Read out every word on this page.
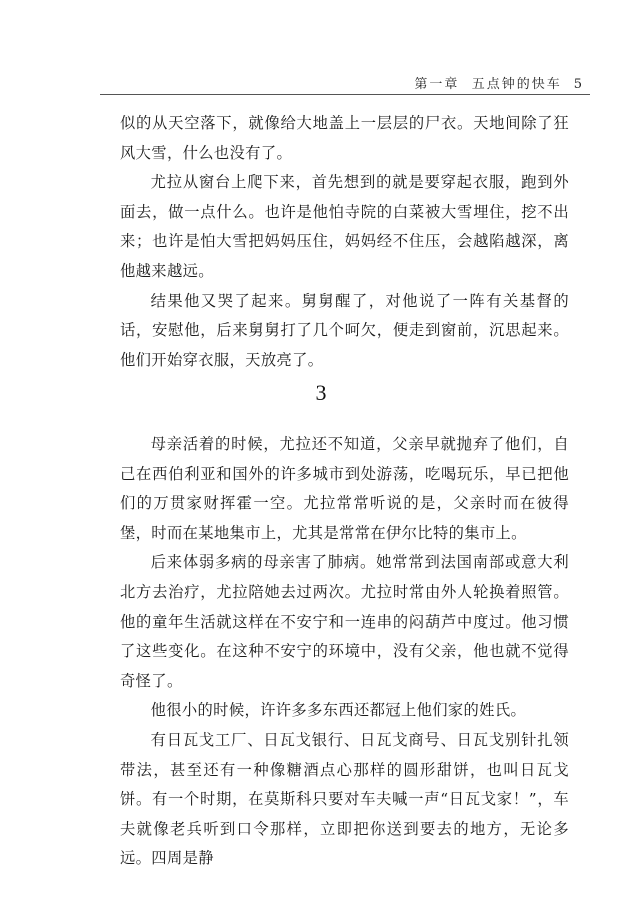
第一章 五点钟的快车 5

似的从天空落下，就像给大地盖上一层层的尸衣。天地间除了狂风大雪，什么也没有了。

尤拉从窗台上爬下来，首先想到的就是要穿起衣服，跑到外面去，做一点什么。也许是他怕寺院的白菜被大雪埋住，挖不出来；也许是怕大雪把妈妈压住，妈妈经不住压，会越陷越深，离他越来越远。

结果他又哭了起来。舅舅醒了，对他说了一阵有关基督的话，安慰他，后来舅舅打了几个呵欠，便走到窗前，沉思起来。他们开始穿衣服，天放亮了。

3

母亲活着的时候，尤拉还不知道，父亲早就抛弃了他们，自己在西伯利亚和国外的许多城市到处游荡，吃喝玩乐，早已把他们的万贯家财挥霍一空。尤拉常常听说的是，父亲时而在彼得堡，时而在某地集市上，尤其是常常在伊尔比特的集市上。

后来体弱多病的母亲害了肺病。她常常到法国南部或意大利北方去治疗，尤拉陪她去过两次。尤拉时常由外人轮换着照管。他的童年生活就这样在不安宁和一连串的闷葫芦中度过。他习惯了这些变化。在这种不安宁的环境中，没有父亲，他也就不觉得奇怪了。

他很小的时候，许许多多东西还都冠上他们家的姓氏。

有日瓦戈工厂、日瓦戈银行、日瓦戈商号、日瓦戈别针扎领带法，甚至还有一种像糖酒点心那样的圆形甜饼，也叫日瓦戈饼。有一个时期，在莫斯科只要对车夫喊一声“日瓦戈家！”，车夫就像老兵听到口令那样，立即把你送到要去的地方，无论多远。四周是静
